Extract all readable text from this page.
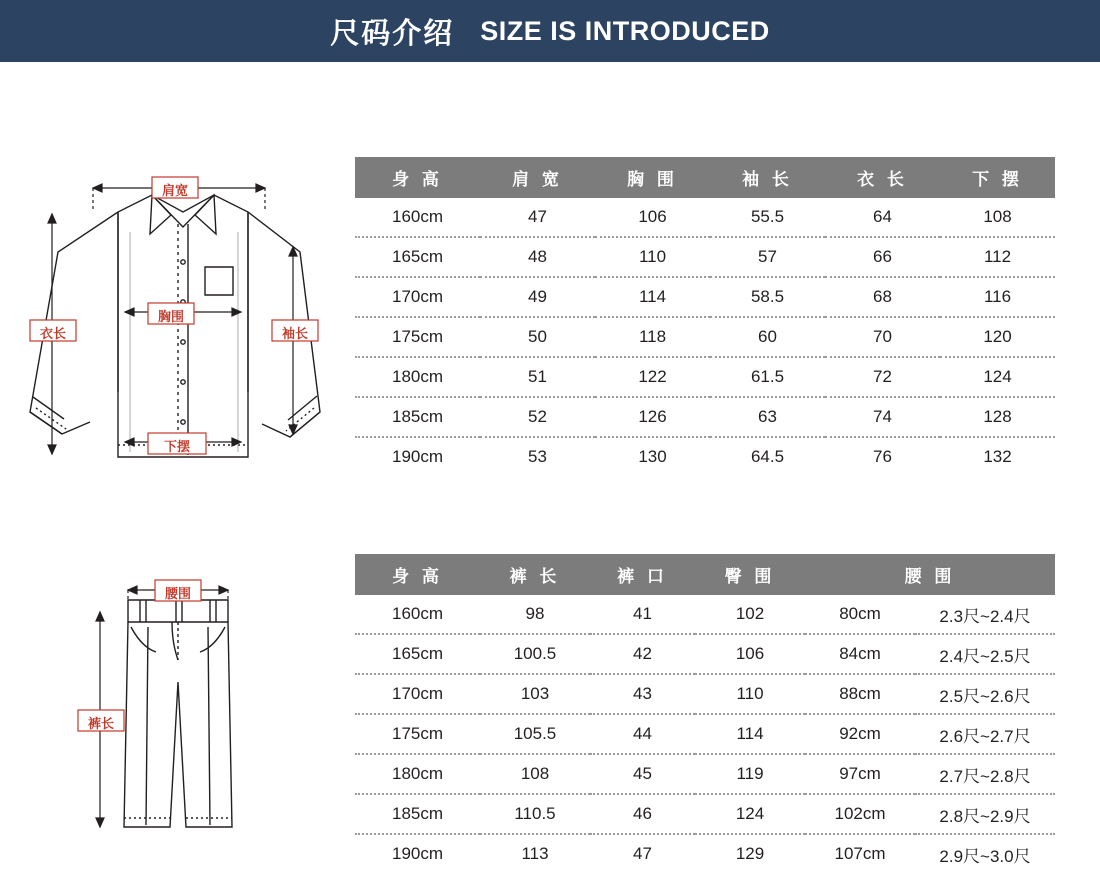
尺码介绍 SIZE IS INTRODUCED
肩宽
胸围
下摆
衣长	袖长
腰围
裤长
身 高	肩 宽	胸 围	袖 长	衣 长	下 摆
160cm	47	106	55.5	64	108
165cm	48	110	57	66	112
170cm	49	114	58.5	68	116
175cm	50	118	60	70	120
180cm	51	122	61.5	72	124
185cm	52	126	63	74	128
190cm	53	130	64.5	76	132
身 高	裤 长	裤 口	臀 围	腰 围	
160cm	98	41	102	80cm	2.3尺~2.4尺
165cm	100.5	42	106	84cm	2.4尺~2.5尺
170cm	103	43	110	88cm	2.5尺~2.6尺
175cm	105.5	44	114	92cm	2.6尺~2.7尺
180cm	108	45	119	97cm	2.7尺~2.8尺
185cm	110.5	46	124	102cm	2.8尺~2.9尺
190cm	113	47	129	107cm	2.9尺~3.0尺
